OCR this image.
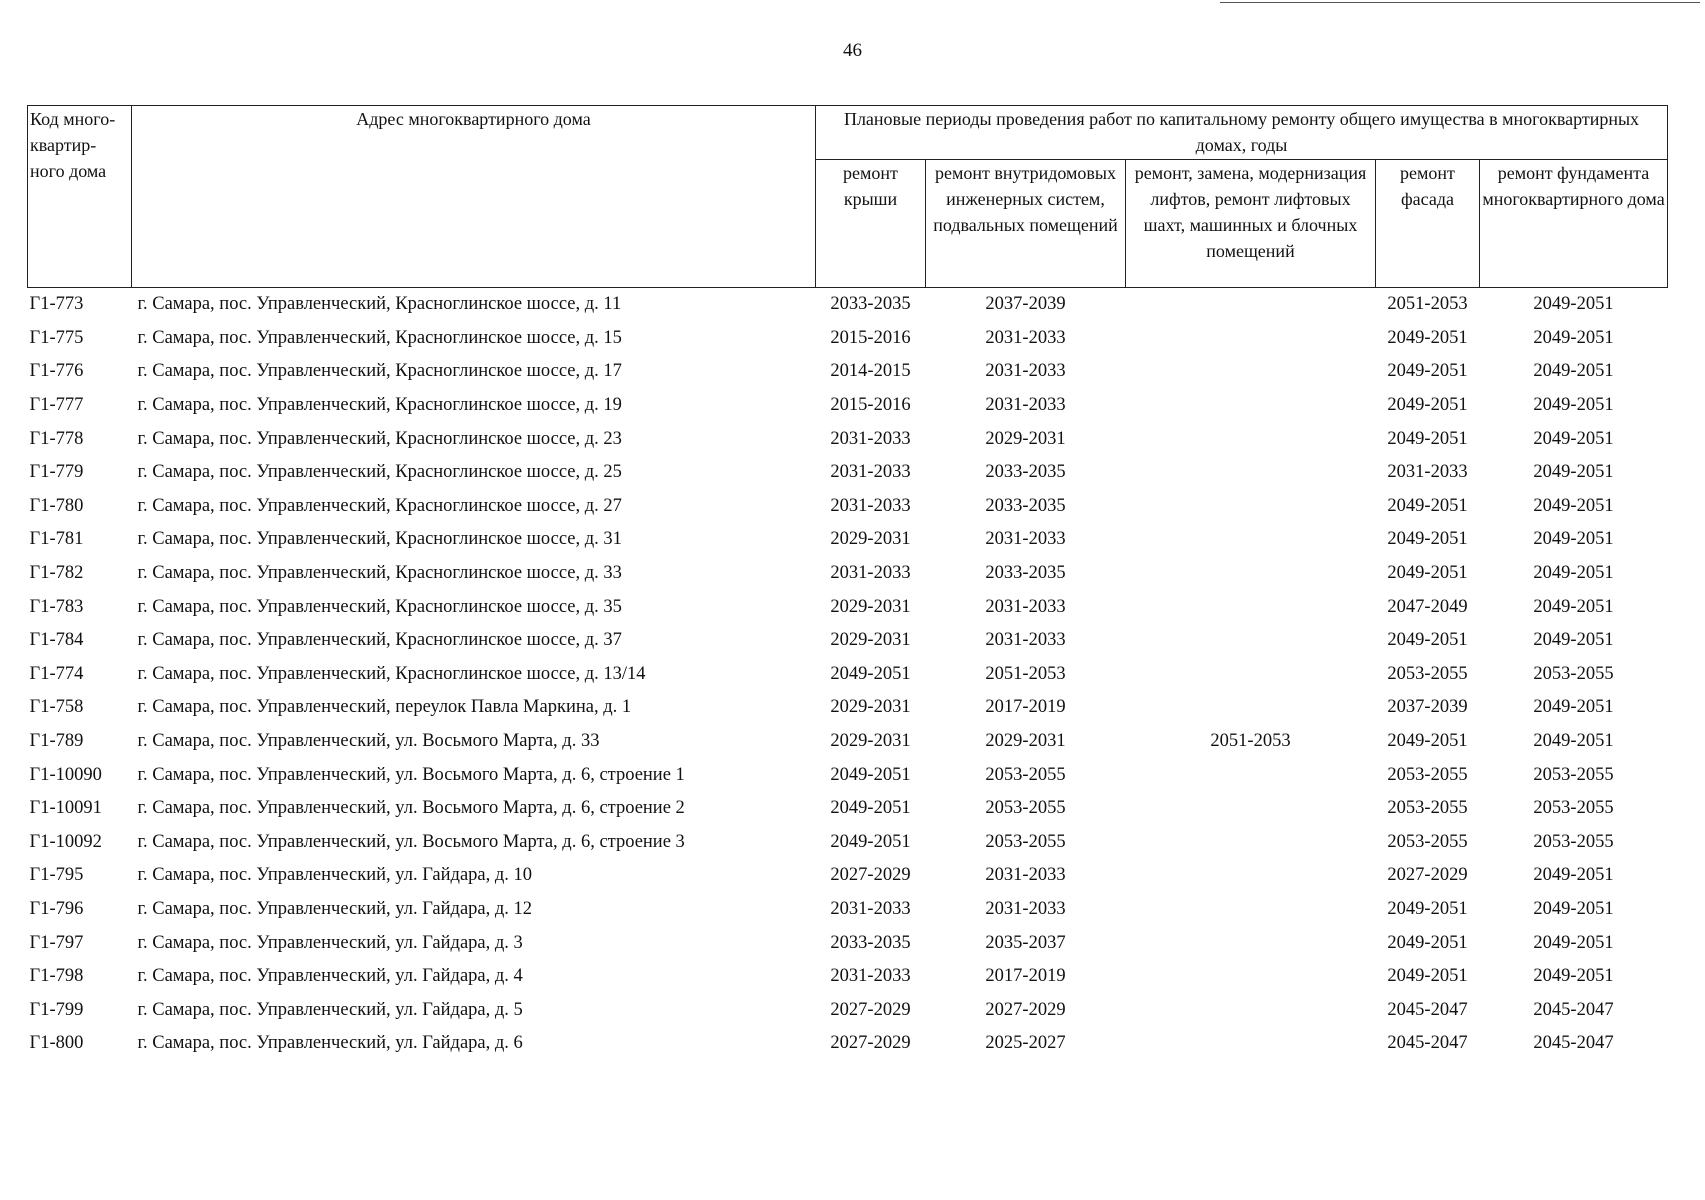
46
Код много-квартир-ного дома	Адрес многоквартирного дома	Плановые периоды проведения работ по капитальному ремонту общего имущества в многоквартирных домах, годы				
		ремонт крыши	ремонт внутридомовых инженерных систем, подвальных помещений	ремонт, замена, модернизация лифтов, ремонт лифтовых шахт, машинных и блочных помещений	ремонт фасада	ремонт фундамента многоквартирного дома
Г1-773	г. Самара, пос. Управленческий, Красноглинское шоссе, д. 11	2033-2035	2037-2039		2051-2053	2049-2051
Г1-775	г. Самара, пос. Управленческий, Красноглинское шоссе, д. 15	2015-2016	2031-2033		2049-2051	2049-2051
Г1-776	г. Самара, пос. Управленческий, Красноглинское шоссе, д. 17	2014-2015	2031-2033		2049-2051	2049-2051
Г1-777	г. Самара, пос. Управленческий, Красноглинское шоссе, д. 19	2015-2016	2031-2033		2049-2051	2049-2051
Г1-778	г. Самара, пос. Управленческий, Красноглинское шоссе, д. 23	2031-2033	2029-2031		2049-2051	2049-2051
Г1-779	г. Самара, пос. Управленческий, Красноглинское шоссе, д. 25	2031-2033	2033-2035		2031-2033	2049-2051
Г1-780	г. Самара, пос. Управленческий, Красноглинское шоссе, д. 27	2031-2033	2033-2035		2049-2051	2049-2051
Г1-781	г. Самара, пос. Управленческий, Красноглинское шоссе, д. 31	2029-2031	2031-2033		2049-2051	2049-2051
Г1-782	г. Самара, пос. Управленческий, Красноглинское шоссе, д. 33	2031-2033	2033-2035		2049-2051	2049-2051
Г1-783	г. Самара, пос. Управленческий, Красноглинское шоссе, д. 35	2029-2031	2031-2033		2047-2049	2049-2051
Г1-784	г. Самара, пос. Управленческий, Красноглинское шоссе, д. 37	2029-2031	2031-2033		2049-2051	2049-2051
Г1-774	г. Самара, пос. Управленческий, Красноглинское шоссе, д. 13/14	2049-2051	2051-2053		2053-2055	2053-2055
Г1-758	г. Самара, пос. Управленческий, переулок Павла Маркина, д. 1	2029-2031	2017-2019		2037-2039	2049-2051
Г1-789	г. Самара, пос. Управленческий, ул. Восьмого Марта, д. 33	2029-2031	2029-2031	2051-2053	2049-2051	2049-2051
Г1-10090	г. Самара, пос. Управленческий, ул. Восьмого Марта, д. 6, строение 1	2049-2051	2053-2055		2053-2055	2053-2055
Г1-10091	г. Самара, пос. Управленческий, ул. Восьмого Марта, д. 6, строение 2	2049-2051	2053-2055		2053-2055	2053-2055
Г1-10092	г. Самара, пос. Управленческий, ул. Восьмого Марта, д. 6, строение 3	2049-2051	2053-2055		2053-2055	2053-2055
Г1-795	г. Самара, пос. Управленческий, ул. Гайдара, д. 10	2027-2029	2031-2033		2027-2029	2049-2051
Г1-796	г. Самара, пос. Управленческий, ул. Гайдара, д. 12	2031-2033	2031-2033		2049-2051	2049-2051
Г1-797	г. Самара, пос. Управленческий, ул. Гайдара, д. 3	2033-2035	2035-2037		2049-2051	2049-2051
Г1-798	г. Самара, пос. Управленческий, ул. Гайдара, д. 4	2031-2033	2017-2019		2049-2051	2049-2051
Г1-799	г. Самара, пос. Управленческий, ул. Гайдара, д. 5	2027-2029	2027-2029		2045-2047	2045-2047
Г1-800	г. Самара, пос. Управленческий, ул. Гайдара, д. 6	2027-2029	2025-2027		2045-2047	2045-2047
